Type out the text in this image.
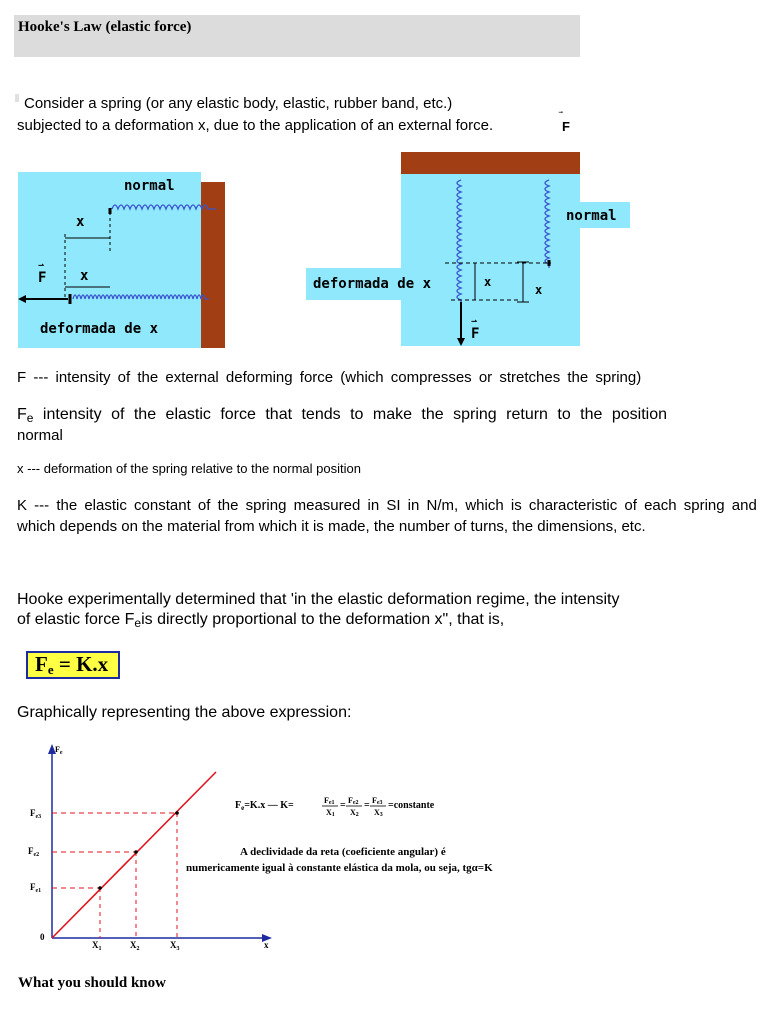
Hooke's Law (elastic force)
Consider a spring (or any elastic body, elastic, rubber band, etc.)
subjected to a deformation x, due to the application of an external force.	F
normal
x
x
⇀
F
deformada de x
normal
deformada de x	x
x
⇀
F
F --- intensity of the external deforming force (which compresses or stretches the spring)
$F_e$ intensity of the elastic force that tends to make the spring return to the position
normal
x --- deformation of the spring relative to the normal position
K --- the elastic constant of the spring measured in SI in N/m, which is characteristic of each spring and
which depends on the material from which it is made, the number of turns, the dimensions, etc.
Hooke experimentally determined that 'in the elastic deformation regime, the intensity
of elastic force $F_eis$ directly proportional to the deformation x", that is,
$F_e = K.x$
Graphically representing the above expression:
$F_e$
$F_{e3}$
$F_{e2}$
$F_{e1}$
0
$X_1$	$X_2$	$X_3$	x
$F_e=K.x$ — K=	Fe1
X1
= Fe2
X2
= Fe3
X3
=constante
A declividade da reta (coeficiente angular) é
numericamente igual à constante elástica da mola, ou seja, tgα=K
What you should know
